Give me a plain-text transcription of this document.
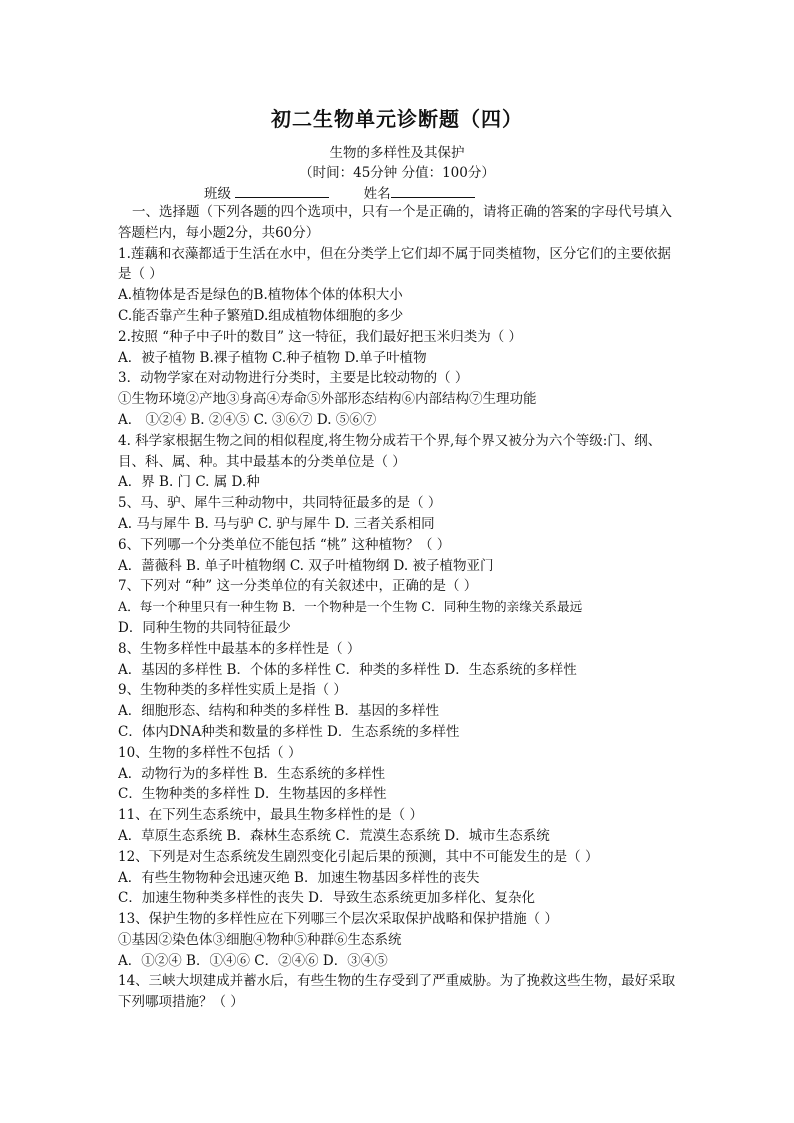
初二生物单元诊断题（四）
生物的多样性及其保护
（时间：45分钟 分值：100分）
班级	姓名
一、选择题（下列各题的四个选项中，只有一个是正确的，请将正确的答案的字母代号填入答题栏内，每小题2分，共60分）
1.莲藕和衣藻都适于生活在水中，但在分类学上它们却不属于同类植物，区分它们的主要依据是（ ）
A.植物体是否是绿色的B.植物体个体的体积大小
C.能否靠产生种子繁殖D.组成植物体细胞的多少
2.按照 “种子中子叶的数目” 这一特征，我们最好把玉米归类为（ ）
A．被子植物 B.裸子植物 C.种子植物 D.单子叶植物
3．动物学家在对动物进行分类时，主要是比较动物的（ ）
①生物环境②产地③身高④寿命⑤外部形态结构⑥内部结构⑦生理功能
A． ①②④ B. ②④⑤ C. ③⑥⑦ D. ⑤⑥⑦
4. 科学家根据生物之间的相似程度,将生物分成若干个界,每个界又被分为六个等级:门、纲、目、科、属、种。其中最基本的分类单位是（ ）
A．界 B. 门 C. 属 D.种
5、马、驴、犀牛三种动物中，共同特征最多的是（ ）
A. 马与犀牛 B. 马与驴 C. 驴与犀牛 D. 三者关系相同
6、下列哪一个分类单位不能包括 “桃” 这种植物？（ ）
A．蔷薇科 B. 单子叶植物纲 C. 双子叶植物纲 D. 被子植物亚门
7、下列对 “种” 这一分类单位的有关叙述中，正确的是（ ）
A．每一个种里只有一种生物 B．一个物种是一个生物 C．同种生物的亲缘关系最远
D．同种生物的共同特征最少
8、生物多样性中最基本的多样性是（ ）
A．基因的多样性 B．个体的多样性 C．种类的多样性 D．生态系统的多样性
9、生物种类的多样性实质上是指（ ）
A．细胞形态、结构和种类的多样性 B．基因的多样性
C．体内DNA种类和数量的多样性 D．生态系统的多样性
10、生物的多样性不包括（ ）
A．动物行为的多样性 B．生态系统的多样性
C．生物种类的多样性 D．生物基因的多样性
11、在下列生态系统中，最具生物多样性的是（ ）
A．草原生态系统 B．森林生态系统 C．荒漠生态系统 D．城市生态系统
12、下列是对生态系统发生剧烈变化引起后果的预测，其中不可能发生的是（ ）
A．有些生物物种会迅速灭绝 B．加速生物基因多样性的丧失
C．加速生物种类多样性的丧失 D．导致生态系统更加多样化、复杂化
13、保护生物的多样性应在下列哪三个层次采取保护战略和保护措施（ ）
①基因②染色体③细胞④物种⑤种群⑥生态系统
A．①②④ B．①④⑥ C．②④⑥ D．③④⑤
14、三峡大坝建成并蓄水后，有些生物的生存受到了严重威胁。为了挽救这些生物，最好采取下列哪项措施？（ ）
